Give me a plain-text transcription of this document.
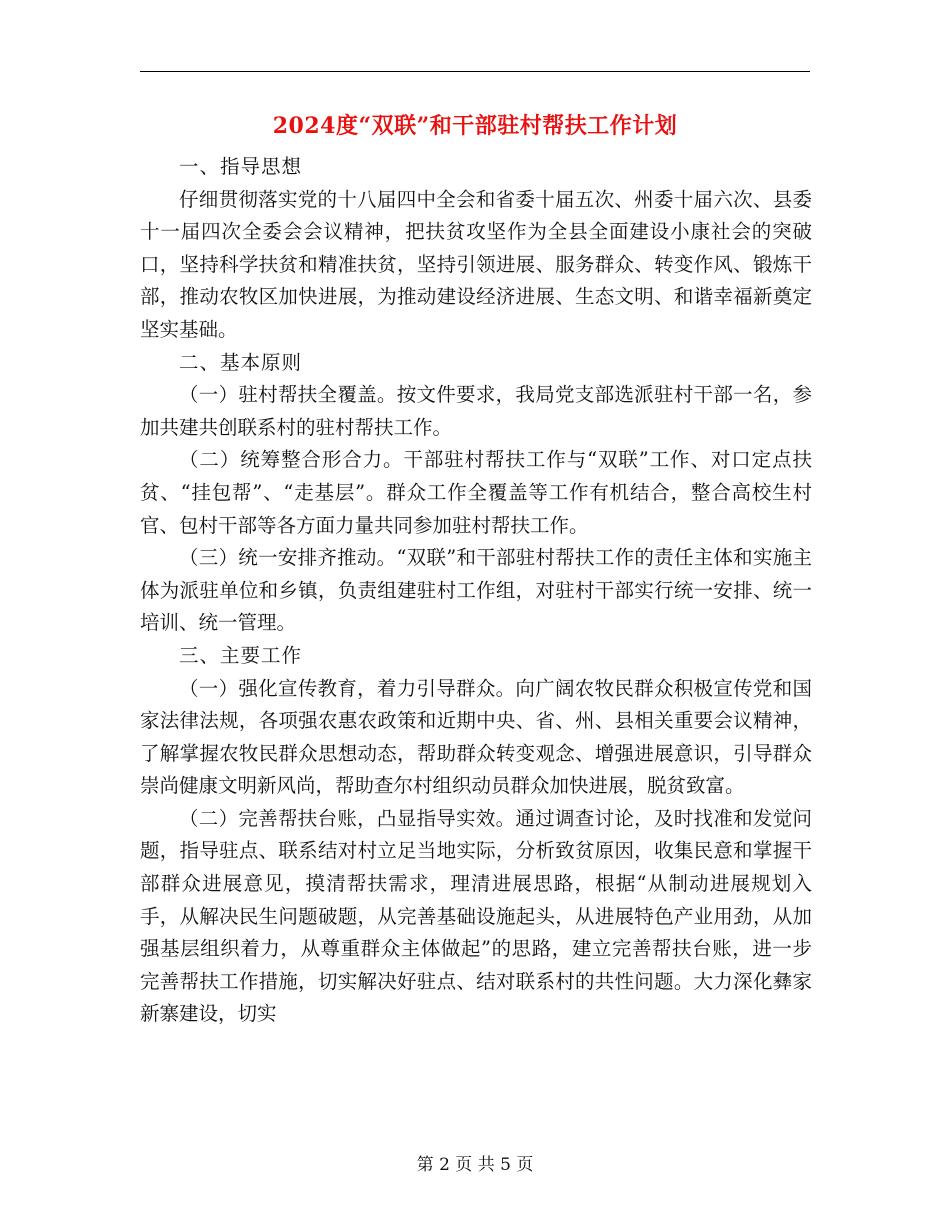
2024度“双联”和干部驻村帮扶工作计划

一、指导思想

仔细贯彻落实党的十八届四中全会和省委十届五次、州委十届六次、县委十一届四次全委会会议精神，把扶贫攻坚作为全县全面建设小康社会的突破口，坚持科学扶贫和精准扶贫，坚持引领进展、服务群众、转变作风、锻炼干部，推动农牧区加快进展，为推动建设经济进展、生态文明、和谐幸福新奠定坚实基础。

二、基本原则

（一）驻村帮扶全覆盖。按文件要求，我局党支部选派驻村干部一名，参加共建共创联系村的驻村帮扶工作。

（二）统筹整合形合力。干部驻村帮扶工作与“双联”工作、对口定点扶贫、“挂包帮”、“走基层”。群众工作全覆盖等工作有机结合，整合高校生村官、包村干部等各方面力量共同参加驻村帮扶工作。

（三）统一安排齐推动。“双联”和干部驻村帮扶工作的责任主体和实施主体为派驻单位和乡镇，负责组建驻村工作组，对驻村干部实行统一安排、统一培训、统一管理。

三、主要工作

（一）强化宣传教育，着力引导群众。向广阔农牧民群众积极宣传党和国家法律法规，各项强农惠农政策和近期中央、省、州、县相关重要会议精神，了解掌握农牧民群众思想动态，帮助群众转变观念、增强进展意识，引导群众崇尚健康文明新风尚，帮助查尔村组织动员群众加快进展，脱贫致富。

（二）完善帮扶台账，凸显指导实效。通过调查讨论，及时找准和发觉问题，指导驻点、联系结对村立足当地实际，分析致贫原因，收集民意和掌握干部群众进展意见，摸清帮扶需求，理清进展思路，根据“从制动进展规划入手，从解决民生问题破题，从完善基础设施起头，从进展特色产业用劲，从加强基层组织着力，从尊重群众主体做起”的思路，建立完善帮扶台账，进一步完善帮扶工作措施，切实解决好驻点、结对联系村的共性问题。大力深化彝家新寨建设，切实

第 2 页 共 5 页
